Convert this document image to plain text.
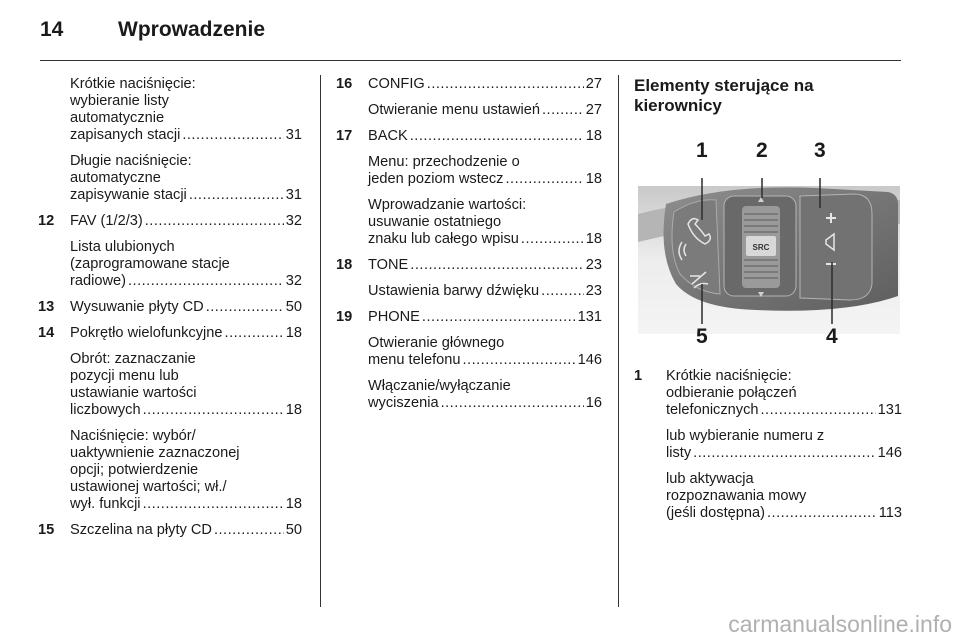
14	Wprowadzenie
Krótkie naciśnięcie:
wybieranie listy
automatycznie
zapisanych stacji .....	31
Długie naciśnięcie:
automatyczne
zapisywanie stacji .....	31
12 FAV (1/2/3) .....	32
Lista ulubionych
(zaprogramowane stacje
radiowe) .....	32
13 Wysuwanie płyty CD .....	50
14 Pokrętło wielofunkcyjne .....	18
Obrót: zaznaczanie
pozycji menu lub
ustawianie wartości
liczbowych .....	18
Naciśnięcie: wybór/
uaktywnienie zaznaczonej
opcji; potwierdzenie
ustawionej wartości; wł./
wył. funkcji .....	18
15 Szczelina na płyty CD .....	50
16 CONFIG .....	27
Otwieranie menu ustawień .....	27
17 BACK .....	18
Menu: przechodzenie o
jeden poziom wstecz .....	18
Wprowadzanie wartości:
usuwanie ostatniego
znaku lub całego wpisu .....	18
18 TONE .....	23
Ustawienia barwy dźwięku .....	23
19 PHONE .....	131
Otwieranie głównego
menu telefonu .....	146
Włączanie/wyłączanie
wyciszenia .....	16
Elementy sterujące na
kierownicy
SRC
1 2 3
4
5
1 Krótkie naciśnięcie:
odbieranie połączeń
telefonicznych .....	131
lub wybieranie numeru z
listy .....	146
lub aktywacja
rozpoznawania mowy
(jeśli dostępna) .....	113
carmanualsonline.info
